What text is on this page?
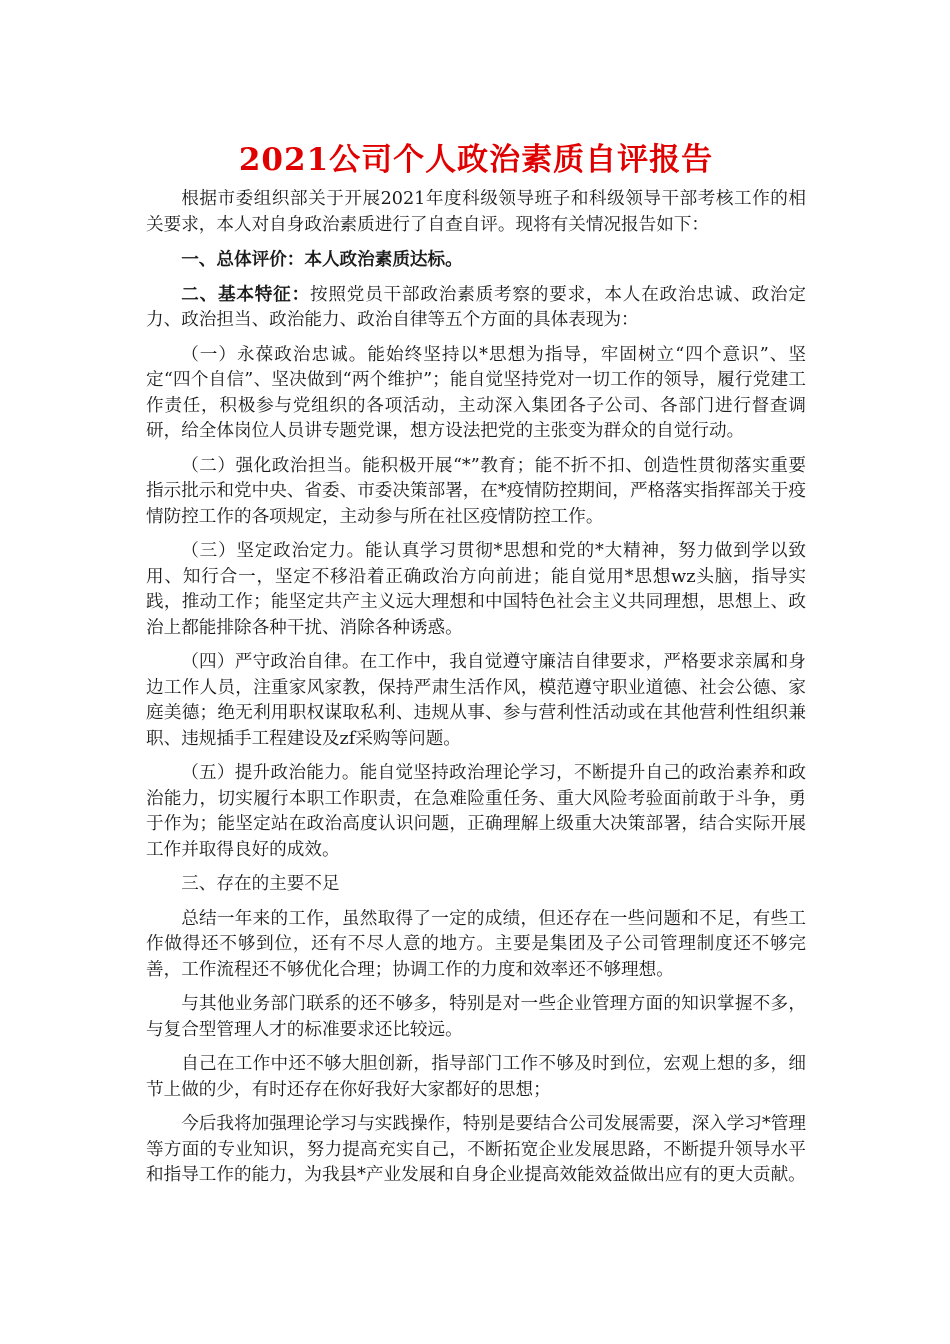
2021公司个人政治素质自评报告

根据市委组织部关于开展2021年度科级领导班子和科级领导干部考核工作的相关要求，本人对自身政治素质进行了自查自评。现将有关情况报告如下：

一、总体评价：本人政治素质达标。

二、基本特征：按照党员干部政治素质考察的要求，本人在政治忠诚、政治定力、政治担当、政治能力、政治自律等五个方面的具体表现为：

（一）永葆政治忠诚。能始终坚持以*思想为指导，牢固树立“四个意识”、坚定“四个自信”、坚决做到“两个维护”；能自觉坚持党对一切工作的领导，履行党建工作责任，积极参与党组织的各项活动，主动深入集团各子公司、各部门进行督查调研，给全体岗位人员讲专题党课，想方设法把党的主张变为群众的自觉行动。

（二）强化政治担当。能积极开展“*”教育；能不折不扣、创造性贯彻落实重要指示批示和党中央、省委、市委决策部署，在*疫情防控期间，严格落实指挥部关于疫情防控工作的各项规定，主动参与所在社区疫情防控工作。

（三）坚定政治定力。能认真学习贯彻*思想和党的*大精神，努力做到学以致用、知行合一，坚定不移沿着正确政治方向前进；能自觉用*思想wz头脑，指导实践，推动工作；能坚定共产主义远大理想和中国特色社会主义共同理想，思想上、政治上都能排除各种干扰、消除各种诱惑。

（四）严守政治自律。在工作中，我自觉遵守廉洁自律要求，严格要求亲属和身边工作人员，注重家风家教，保持严肃生活作风，模范遵守职业道德、社会公德、家庭美德；绝无利用职权谋取私利、违规从事、参与营利性活动或在其他营利性组织兼职、违规插手工程建设及zf采购等问题。

（五）提升政治能力。能自觉坚持政治理论学习，不断提升自己的政治素养和政治能力，切实履行本职工作职责，在急难险重任务、重大风险考验面前敢于斗争，勇于作为；能坚定站在政治高度认识问题，正确理解上级重大决策部署，结合实际开展工作并取得良好的成效。

三、存在的主要不足

总结一年来的工作，虽然取得了一定的成绩，但还存在一些问题和不足，有些工作做得还不够到位，还有不尽人意的地方。主要是集团及子公司管理制度还不够完善，工作流程还不够优化合理；协调工作的力度和效率还不够理想。

与其他业务部门联系的还不够多，特别是对一些企业管理方面的知识掌握不多，与复合型管理人才的标准要求还比较远。

自己在工作中还不够大胆创新，指导部门工作不够及时到位，宏观上想的多，细节上做的少，有时还存在你好我好大家都好的思想；

今后我将加强理论学习与实践操作，特别是要结合公司发展需要，深入学习*管理等方面的专业知识，努力提高充实自己，不断拓宽企业发展思路，不断提升领导水平和指导工作的能力，为我县*产业发展和自身企业提高效能效益做出应有的更大贡献。
